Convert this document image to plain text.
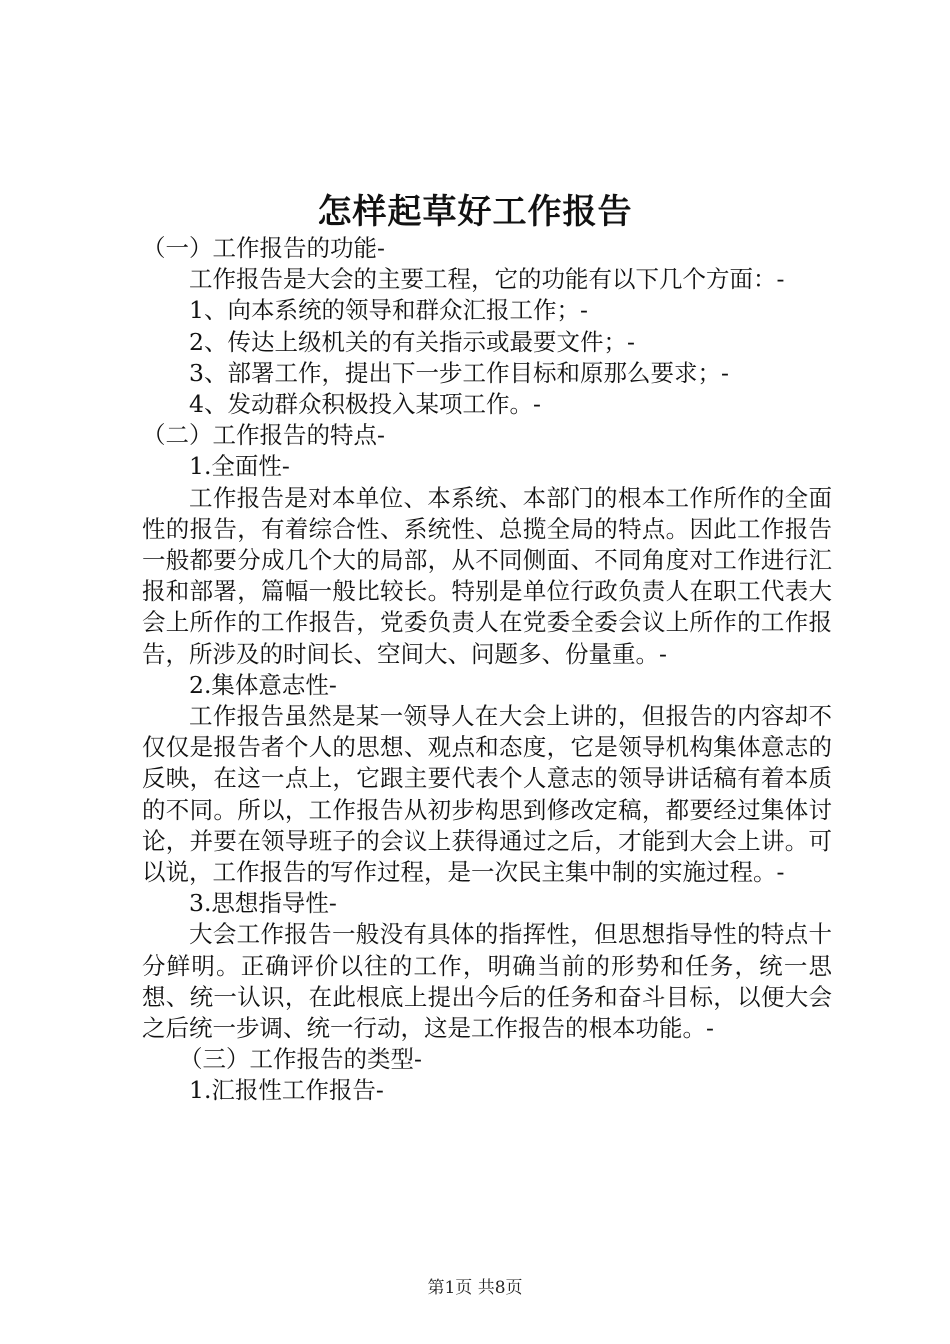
怎样起草好工作报告

（一）工作报告的功能-

工作报告是大会的主要工程，它的功能有以下几个方面：-

1、向本系统的领导和群众汇报工作；-

2、传达上级机关的有关指示或最要文件；-

3、部署工作，提出下一步工作目标和原那么要求；-

4、发动群众积极投入某项工作。-

（二）工作报告的特点-

1.全面性-

工作报告是对本单位、本系统、本部门的根本工作所作的全面性的报告，有着综合性、系统性、总揽全局的特点。因此工作报告一般都要分成几个大的局部，从不同侧面、不同角度对工作进行汇报和部署，篇幅一般比较长。特别是单位行政负责人在职工代表大会上所作的工作报告，党委负责人在党委全委会议上所作的工作报告，所涉及的时间长、空间大、问题多、份量重。-

2.集体意志性-

工作报告虽然是某一领导人在大会上讲的，但报告的内容却不仅仅是报告者个人的思想、观点和态度，它是领导机构集体意志的反映，在这一点上，它跟主要代表个人意志的领导讲话稿有着本质的不同。所以，工作报告从初步构思到修改定稿，都要经过集体讨论，并要在领导班子的会议上获得通过之后，才能到大会上讲。可以说，工作报告的写作过程，是一次民主集中制的实施过程。-

3.思想指导性-

大会工作报告一般没有具体的指挥性，但思想指导性的特点十分鲜明。正确评价以往的工作，明确当前的形势和任务，统一思想、统一认识，在此根底上提出今后的任务和奋斗目标，以便大会之后统一步调、统一行动，这是工作报告的根本功能。-

（三）工作报告的类型-

1.汇报性工作报告-

第1页 共8页
